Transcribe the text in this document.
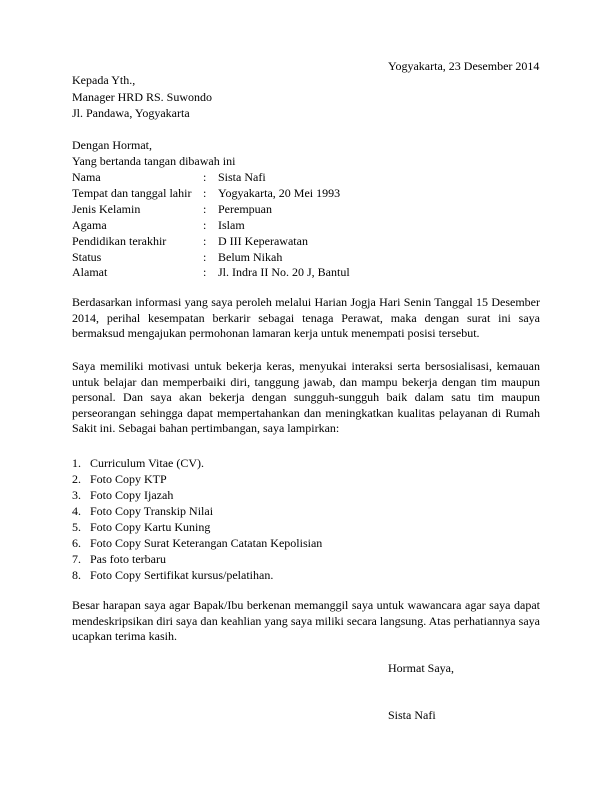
Yogyakarta, 23 Desember 2014
Kepada Yth.,
Manager HRD RS. Suwondo
Jl. Pandawa, Yogyakarta
Dengan Hormat,
Yang bertanda tangan dibawah ini
Nama	: Sista Nafi
Tempat dan tanggal lahir : Yogyakarta, 20 Mei 1993
Jenis Kelamin	: Perempuan
Agama	: Islam
Pendidikan terakhir	: D III Keperawatan
Status	: Belum Nikah
Alamat	: Jl. Indra II No. 20 J, Bantul
Berdasarkan informasi yang saya peroleh melalui Harian Jogja Hari Senin Tanggal 15 Desember 2014, perihal kesempatan berkarir sebagai tenaga Perawat, maka dengan surat ini saya bermaksud mengajukan permohonan lamaran kerja untuk menempati posisi tersebut.
Saya memiliki motivasi untuk bekerja keras, menyukai interaksi serta bersosialisasi, kemauan untuk belajar dan memperbaiki diri, tanggung jawab, dan mampu bekerja dengan tim maupun personal. Dan saya akan bekerja dengan sungguh-sungguh baik dalam satu tim maupun perseorangan sehingga dapat mempertahankan dan meningkatkan kualitas pelayanan di Rumah Sakit ini. Sebagai bahan pertimbangan, saya lampirkan:
1. Curriculum Vitae (CV).
2. Foto Copy KTP
3. Foto Copy Ijazah
4. Foto Copy Transkip Nilai
5. Foto Copy Kartu Kuning
6. Foto Copy Surat Keterangan Catatan Kepolisian
7. Pas foto terbaru
8. Foto Copy Sertifikat kursus/pelatihan.
Besar harapan saya agar Bapak/Ibu berkenan memanggil saya untuk wawancara agar saya dapat mendeskripsikan diri saya dan keahlian yang saya miliki secara langsung. Atas perhatiannya saya ucapkan terima kasih.
Hormat Saya,
Sista Nafi
